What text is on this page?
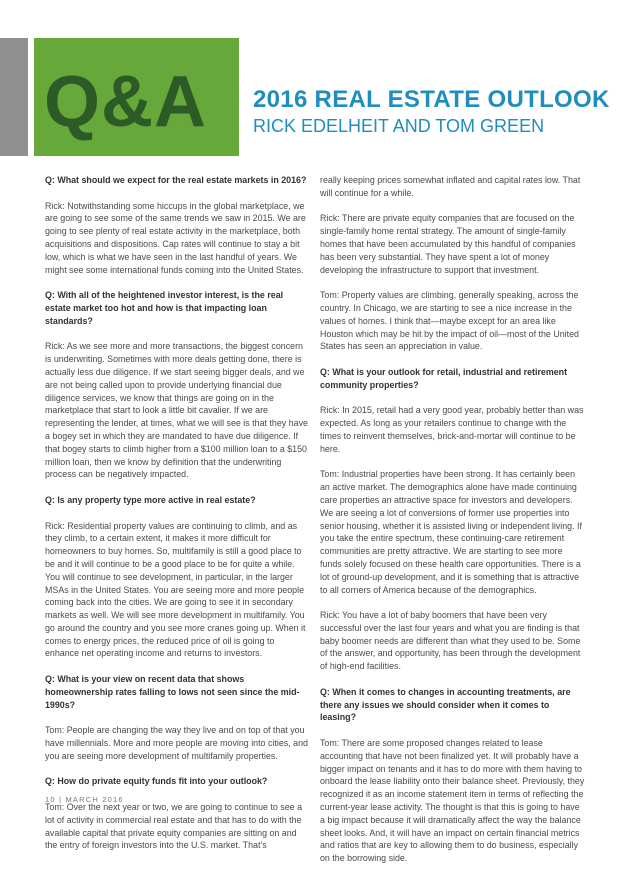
Q&A 2016 REAL ESTATE OUTLOOK
RICK EDELHEIT AND TOM GREEN

Q: What should we expect for the real estate markets in 2016?

Rick: Notwithstanding some hiccups in the global marketplace, we are going to see some of the same trends we saw in 2015. We are going to see plenty of real estate activity in the marketplace, both acquisitions and dispositions. Cap rates will continue to stay a bit low, which is what we have seen in the last handful of years. We might see some international funds coming into the United States.

Q: With all of the heightened investor interest, is the real estate market too hot and how is that impacting loan standards?

Rick: As we see more and more transactions, the biggest concern is underwriting. Sometimes with more deals getting done, there is actually less due diligence. If we start seeing bigger deals, and we are not being called upon to provide underlying financial due diligence services, we know that things are going on in the marketplace that start to look a little bit cavalier. If we are representing the lender, at times, what we will see is that they have a bogey set in which they are mandated to have due diligence. If that bogey starts to climb higher from a $100 million loan to a $150 million loan, then we know by definition that the underwriting process can be negatively impacted.

Q: Is any property type more active in real estate?

Rick: Residential property values are continuing to climb, and as they climb, to a certain extent, it makes it more difficult for homeowners to buy homes. So, multifamily is still a good place to be and it will continue to be a good place to be for quite a while. You will continue to see development, in particular, in the larger MSAs in the United States. You are seeing more and more people coming back into the cities. We are going to see it in secondary markets as well. We will see more development in multifamily. You go around the country and you see more cranes going up. When it comes to energy prices, the reduced price of oil is going to enhance net operating income and returns to investors.

Q: What is your view on recent data that shows homeownership rates falling to lows not seen since the mid-1990s?

Tom: People are changing the way they live and on top of that you have millennials. More and more people are moving into cities, and you are seeing more development of multifamily properties.

Q: How do private equity funds fit into your outlook?

Tom: Over the next year or two, we are going to continue to see a lot of activity in commercial real estate and that has to do with the available capital that private equity companies are sitting on and the entry of foreign investors into the U.S. market. That’s

really keeping prices somewhat inflated and capital rates low. That will continue for a while.

Rick: There are private equity companies that are focused on the single-family home rental strategy. The amount of single-family homes that have been accumulated by this handful of companies has been very substantial. They have spent a lot of money developing the infrastructure to support that investment.

Tom: Property values are climbing, generally speaking, across the country. In Chicago, we are starting to see a nice increase in the values of homes. I think that—maybe except for an area like Houston which may be hit by the impact of oil—most of the United States has seen an appreciation in value.

Q: What is your outlook for retail, industrial and retirement community properties?

Rick: In 2015, retail had a very good year, probably better than was expected. As long as your retailers continue to change with the times to reinvent themselves, brick-and-mortar will continue to be here.

Tom: Industrial properties have been strong. It has certainly been an active market. The demographics alone have made continuing care properties an attractive space for investors and developers. We are seeing a lot of conversions of former use properties into senior housing, whether it is assisted living or independent living. If you take the entire spectrum, these continuing-care retirement communities are pretty attractive. We are starting to see more funds solely focused on these health care opportunities. There is a lot of ground-up development, and it is something that is attractive to all corners of America because of the demographics.

Rick: You have a lot of baby boomers that have been very successful over the last four years and what you are finding is that baby boomer needs are different than what they used to be. Some of the answer, and opportunity, has been through the development of high-end facilities.

Q: When it comes to changes in accounting treatments, are there any issues we should consider when it comes to leasing?

Tom: There are some proposed changes related to lease accounting that have not been finalized yet. It will probably have a bigger impact on tenants and it has to do more with them having to onboard the lease liability onto their balance sheet. Previously, they recognized it as an income statement item in terms of reflecting the current-year lease activity. The thought is that this is going to have a big impact because it will dramatically affect the way the balance sheet looks. And, it will have an impact on certain financial metrics and ratios that are key to allowing them to do business, especially on the borrowing side.

10 | MARCH 2016
